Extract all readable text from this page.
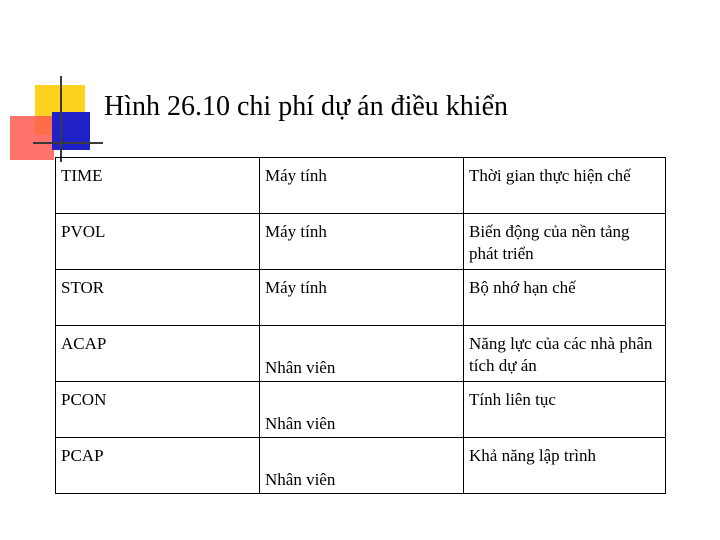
Hình 26.10 chi phí dự án điều khiển
TIME	Máy tính	Thời gian thực hiện chế
PVOL	Máy tính	Biến động của nền tảng phát triển
STOR	Máy tính	Bộ nhớ hạn chế
ACAP	Nhân viên	Năng lực của các nhà phân tích dự án
PCON	Nhân viên	Tính liên tục
PCAP	Nhân viên	Khả năng lập trình
